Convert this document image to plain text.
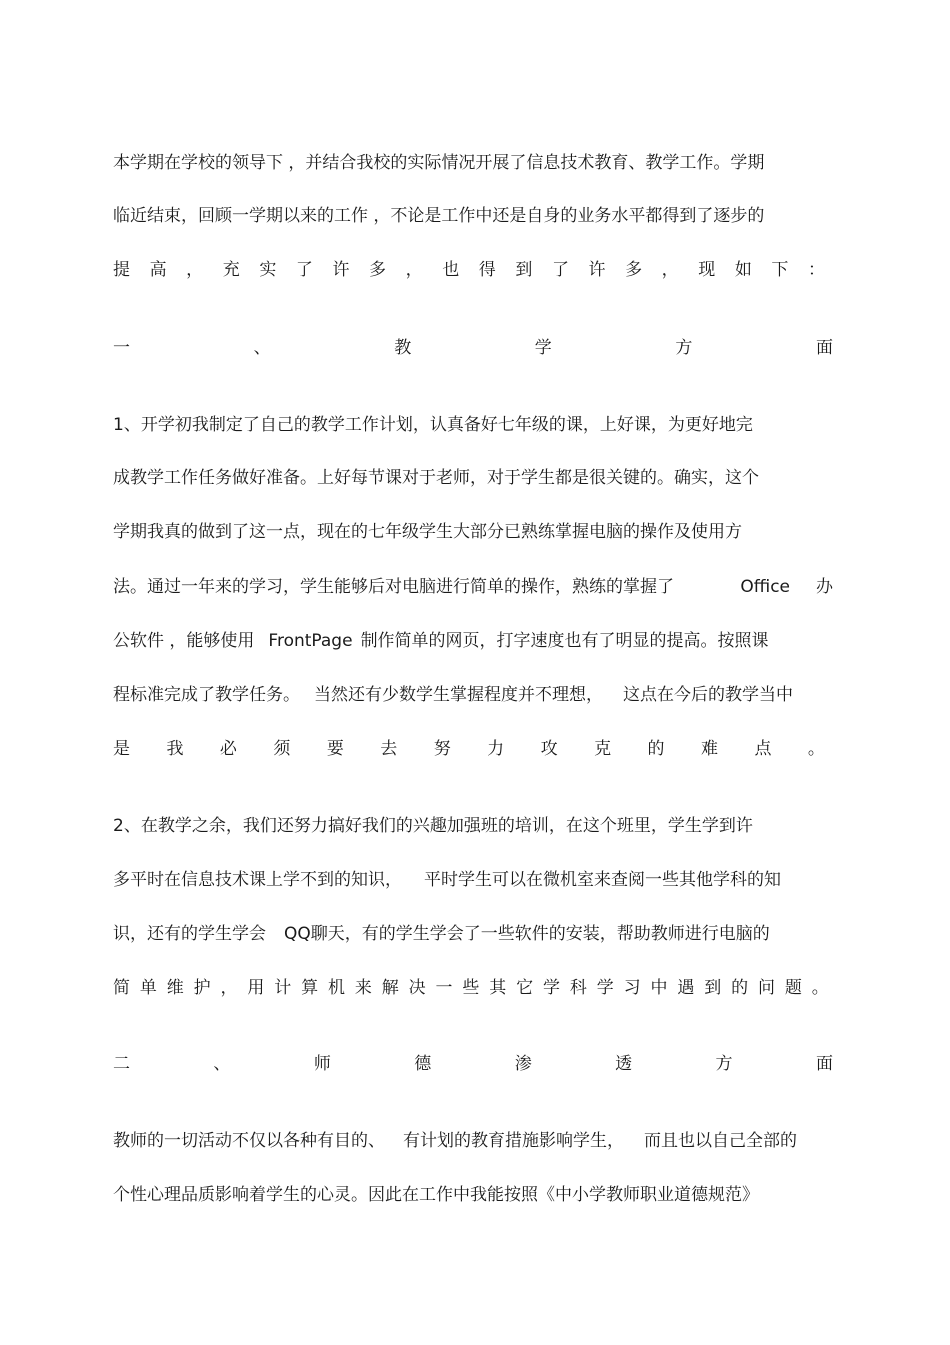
本学期在学校的领导下 ，并结合我校的实际情况开展了信息技术教育、教学工作。学期

临近结束，回顾一学期以来的工作 ，不论是工作中还是自身的业务水平都得到了逐步的

提 高 ， 充 实 了 许 多 ， 也 得 到 了 许 多 ， 现 如 下 ：
一	、	教	学	方	面

1、开学初我制定了自己的教学工作计划，认真备好七年级的课，上好课，为更好地完

成教学工作任务做好准备。上好每节课对于老师，对于学生都是很关键的。确实，这个

学期我真的做到了这一点，现在的七年级学生大部分已熟练掌握电脑的操作及使用方

法。通过一年来的学习，学生能够后对电脑进行简单的操作，熟练的掌握了	Office 办

公软件 ，能够使用 FrontPage 制作简单的网页，打字速度也有了明显的提高。按照课

程标准完成了教学任务。 当然还有少数学生掌握程度并不理想， 这点在今后的教学当中

是 我 必 须 要 去 努 力 攻 克 的 难 点 。

2、在教学之余，我们还努力搞好我们的兴趣加强班的培训，在这个班里，学生学到许

多平时在信息技术课上学不到的知识， 平时学生可以在微机室来查阅一些其他学科的知

识，还有的学生学会 QQ聊天，有的学生学会了一些软件的安装，帮助教师进行电脑的

简 单 维 护 ， 用 计 算 机 来 解 决 一 些 其 它 学 科 学 习 中 遇 到 的 问 题 。
二	、	师	德	渗	透	方	面

教师的一切活动不仅以各种有目的、 有计划的教育措施影响学生， 而且也以自己全部的

个性心理品质影响着学生的心灵。因此在工作中我能按照《中小学教师职业道德规范》
